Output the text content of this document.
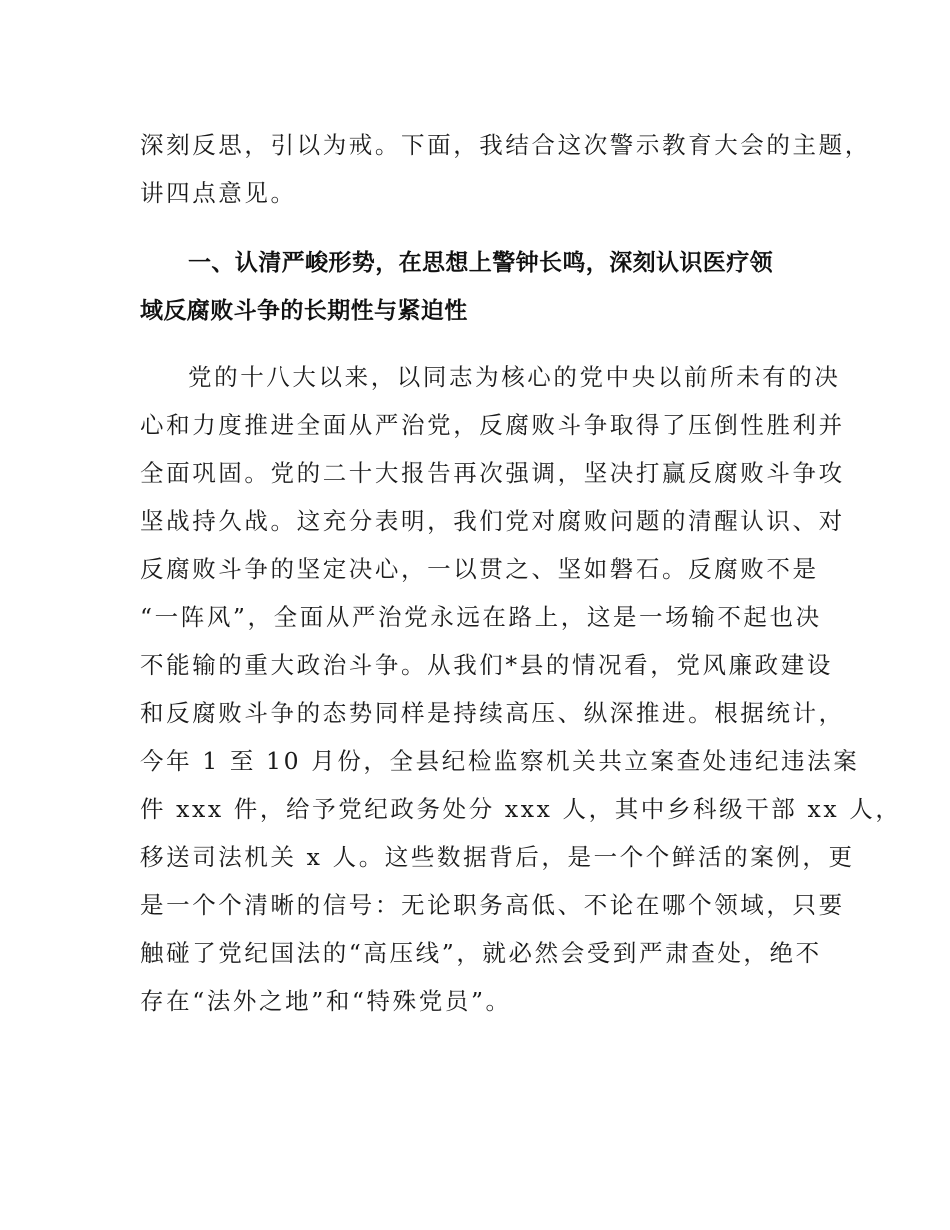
深刻反思，引以为戒。下面，我结合这次警示教育大会的主题，
讲四点意见。
一、认清严峻形势，在思想上警钟长鸣，深刻认识医疗领
域反腐败斗争的长期性与紧迫性
党的十八大以来，以同志为核心的党中央以前所未有的决
心和力度推进全面从严治党，反腐败斗争取得了压倒性胜利并
全面巩固。党的二十大报告再次强调，坚决打赢反腐败斗争攻
坚战持久战。这充分表明，我们党对腐败问题的清醒认识、对
反腐败斗争的坚定决心，一以贯之、坚如磐石。反腐败不是
“一阵风”，全面从严治党永远在路上，这是一场输不起也决
不能输的重大政治斗争。从我们*县的情况看，党风廉政建设
和反腐败斗争的态势同样是持续高压、纵深推进。根据统计，
今年 1 至 10 月份，全县纪检监察机关共立案查处违纪违法案
件 xxx 件，给予党纪政务处分 xxx 人，其中乡科级干部 xx 人，
移送司法机关 x 人。这些数据背后，是一个个鲜活的案例，更
是一个个清晰的信号：无论职务高低、不论在哪个领域，只要
触碰了党纪国法的“高压线”，就必然会受到严肃查处，绝不
存在“法外之地”和“特殊党员”。
